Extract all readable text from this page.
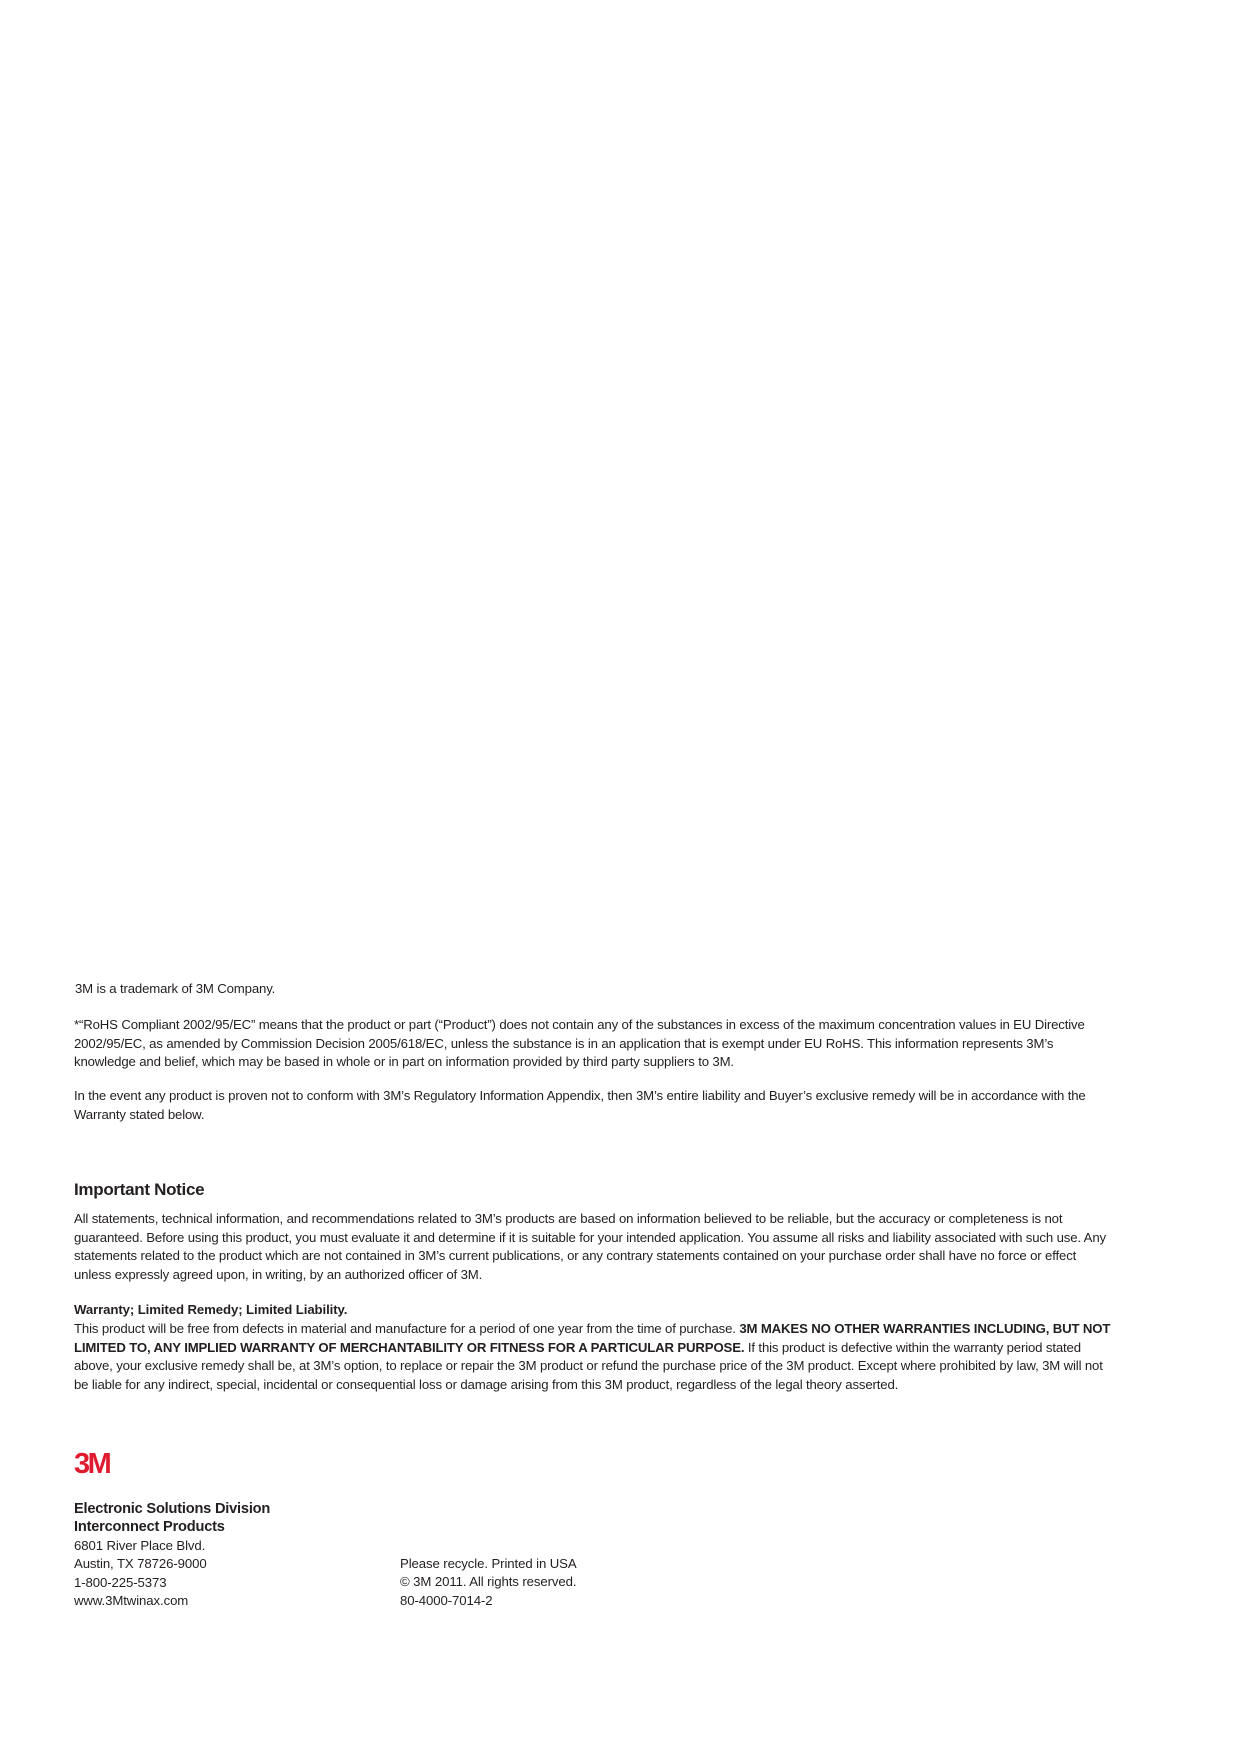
3M is a trademark of 3M Company.

*“RoHS Compliant 2002/95/EC” means that the product or part (“Product”) does not contain any of the substances in excess of the maximum concentration values in EU Directive 2002/95/EC, as amended by Commission Decision 2005/618/EC, unless the substance is in an application that is exempt under EU RoHS. This information represents 3M’s knowledge and belief, which may be based in whole or in part on information provided by third party suppliers to 3M.

In the event any product is proven not to conform with 3M’s Regulatory Information Appendix, then 3M’s entire liability and Buyer’s exclusive remedy will be in accordance with the Warranty stated below.

Important Notice

All statements, technical information, and recommendations related to 3M’s products are based on information believed to be reliable, but the accuracy or completeness is not guaranteed. Before using this product, you must evaluate it and determine if it is suitable for your intended application. You assume all risks and liability associated with such use. Any statements related to the product which are not contained in 3M’s current publications, or any contrary statements contained on your purchase order shall have no force or effect unless expressly agreed upon, in writing, by an authorized officer of 3M.

Warranty; Limited Remedy; Limited Liability.

This product will be free from defects in material and manufacture for a period of one year from the time of purchase. 3M MAKES NO OTHER WARRANTIES INCLUDING, BUT NOT LIMITED TO, ANY IMPLIED WARRANTY OF MERCHANTABILITY OR FITNESS FOR A PARTICULAR PURPOSE. If this product is defective within the warranty period stated above, your exclusive remedy shall be, at 3M’s option, to replace or repair the 3M product or refund the purchase price of the 3M product. Except where prohibited by law, 3M will not be liable for any indirect, special, incidental or consequential loss or damage arising from this 3M product, regardless of the legal theory asserted.

3M
Electronic Solutions Division
Interconnect Products
6801 River Place Blvd.
Austin, TX 78726-9000
1-800-225-5373
www.3Mtwinax.com
Please recycle. Printed in USA
© 3M 2011. All rights reserved.
80-4000-7014-2
